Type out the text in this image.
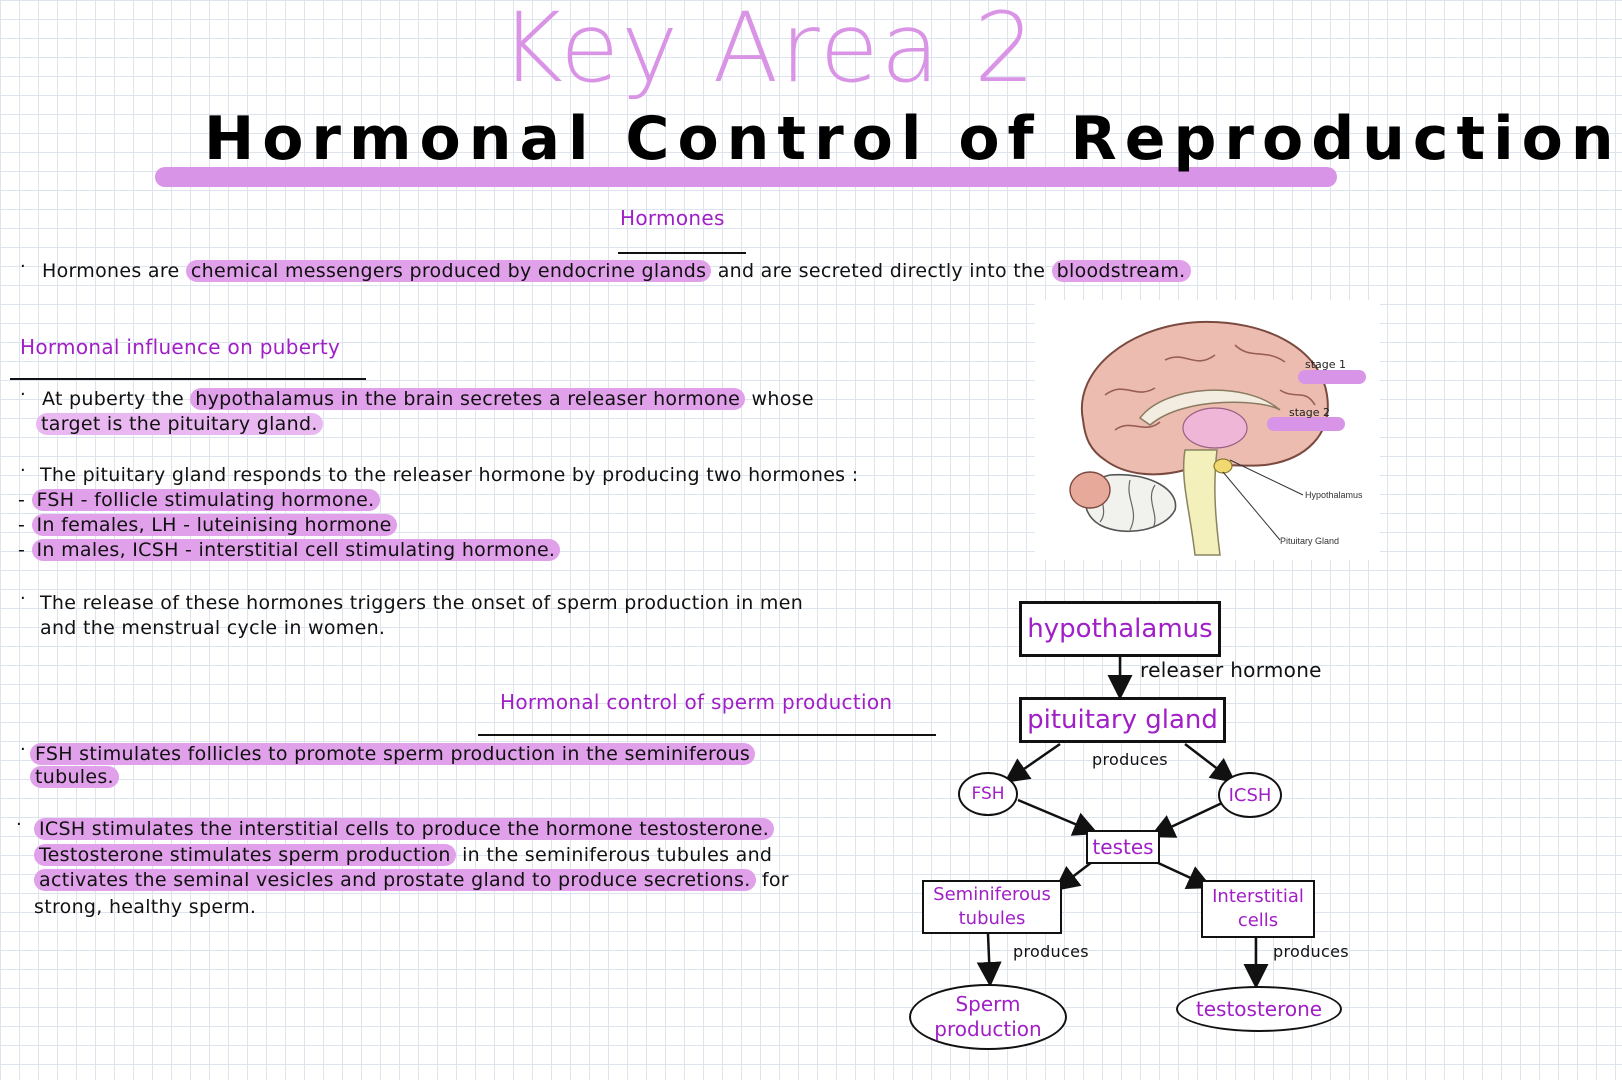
Key Area 2
Hormonal Control of Reproduction
Hormones
· Hormones are chemical messengers produced by endocrine glands and are secreted directly into the bloodstream.
Hormonal influence on puberty
· At puberty the hypothalamus in the brain secretes a releaser hormone whose
target is the pituitary gland.
· The pituitary gland responds to the releaser hormone by producing two hormones :
- FSH - follicle stimulating hormone.
- In females, LH - luteinising hormone
- In males, ICSH - interstitial cell stimulating hormone.
· The release of these hormones triggers the onset of sperm production in men
and the menstrual cycle in women.
Hormonal control of sperm production
· FSH stimulates follicles to promote sperm production in the seminiferous
tubules.
· ICSH stimulates the interstitial cells to produce the hormone testosterone.
Testosterone stimulates sperm production in the seminiferous tubules and
activates the seminal vesicles and prostate gland to produce secretions. for
strong, healthy sperm.
stage 1
stage 2
Hypothalamus
Pituitary Gland
hypothalamus
releaser hormone
pituitary gland
produces
FSH	ICSH
testes
Seminiferous tubules
Interstitial cells
produces	produces
Sperm production
testosterone
